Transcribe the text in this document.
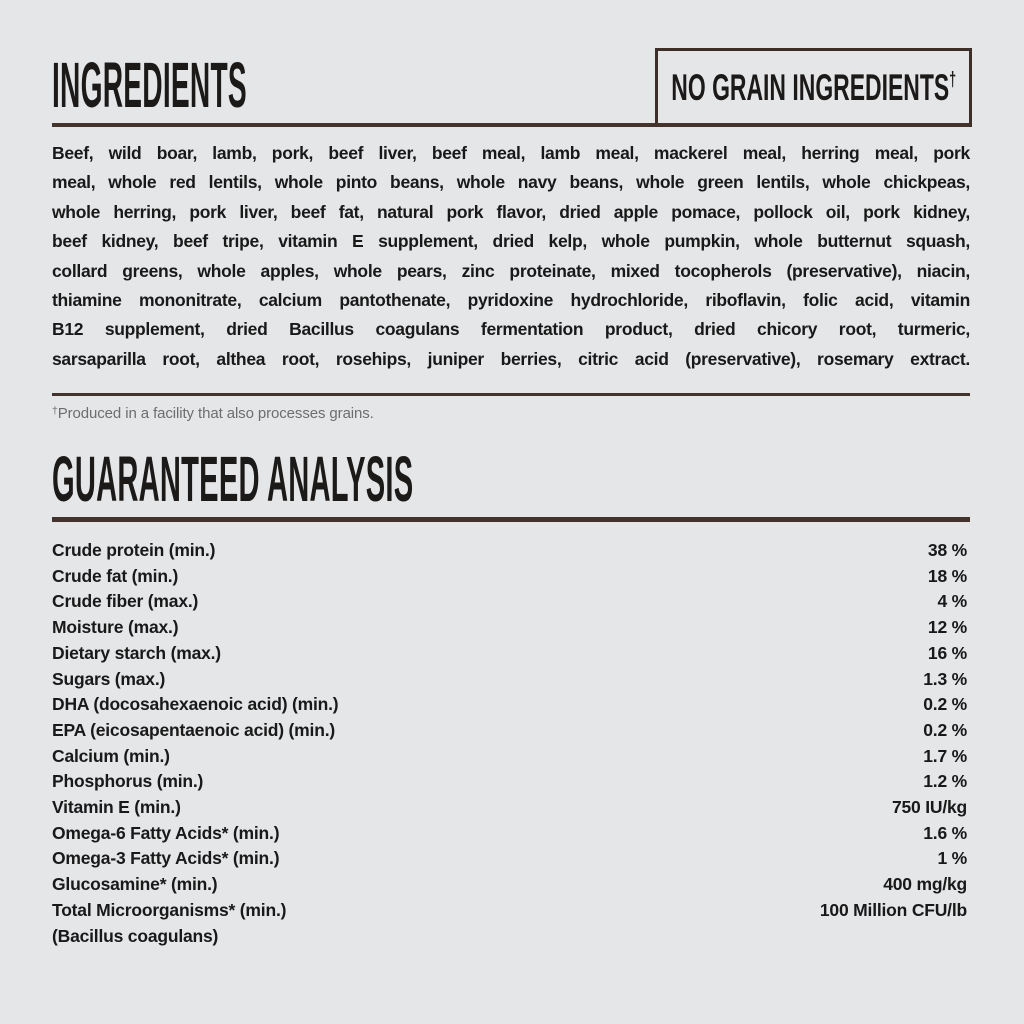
INGREDIENTS	NO GRAIN INGREDIENTS†
Beef, wild boar, lamb, pork, beef liver, beef meal, lamb meal, mackerel meal, herring meal, pork
meal, whole red lentils, whole pinto beans, whole navy beans, whole green lentils, whole chickpeas,
whole herring, pork liver, beef fat, natural pork flavor, dried apple pomace, pollock oil, pork kidney,
beef kidney, beef tripe, vitamin E supplement, dried kelp, whole pumpkin, whole butternut squash,
collard greens, whole apples, whole pears, zinc proteinate, mixed tocopherols (preservative), niacin,
thiamine mononitrate, calcium pantothenate, pyridoxine hydrochloride, riboflavin, folic acid, vitamin
B12 supplement, dried Bacillus coagulans fermentation product, dried chicory root, turmeric,
sarsaparilla root, althea root, rosehips, juniper berries, citric acid (preservative), rosemary extract.
†Produced in a facility that also processes grains.
GUARANTEED ANALYSIS
Crude protein (min.)	38 %
Crude fat (min.)	18 %
Crude fiber (max.)	4 %
Moisture (max.)	12 %
Dietary starch (max.)	16 %
Sugars (max.)	1.3 %
DHA (docosahexaenoic acid) (min.)	0.2 %
EPA (eicosapentaenoic acid) (min.)	0.2 %
Calcium (min.)	1.7 %
Phosphorus (min.)	1.2 %
Vitamin E (min.)	750 IU/kg
Omega-6 Fatty Acids* (min.)	1.6 %
Omega-3 Fatty Acids* (min.)	1 %
Glucosamine* (min.)	400 mg/kg
Total Microorganisms* (min.)	100 Million CFU/lb
(Bacillus coagulans)
